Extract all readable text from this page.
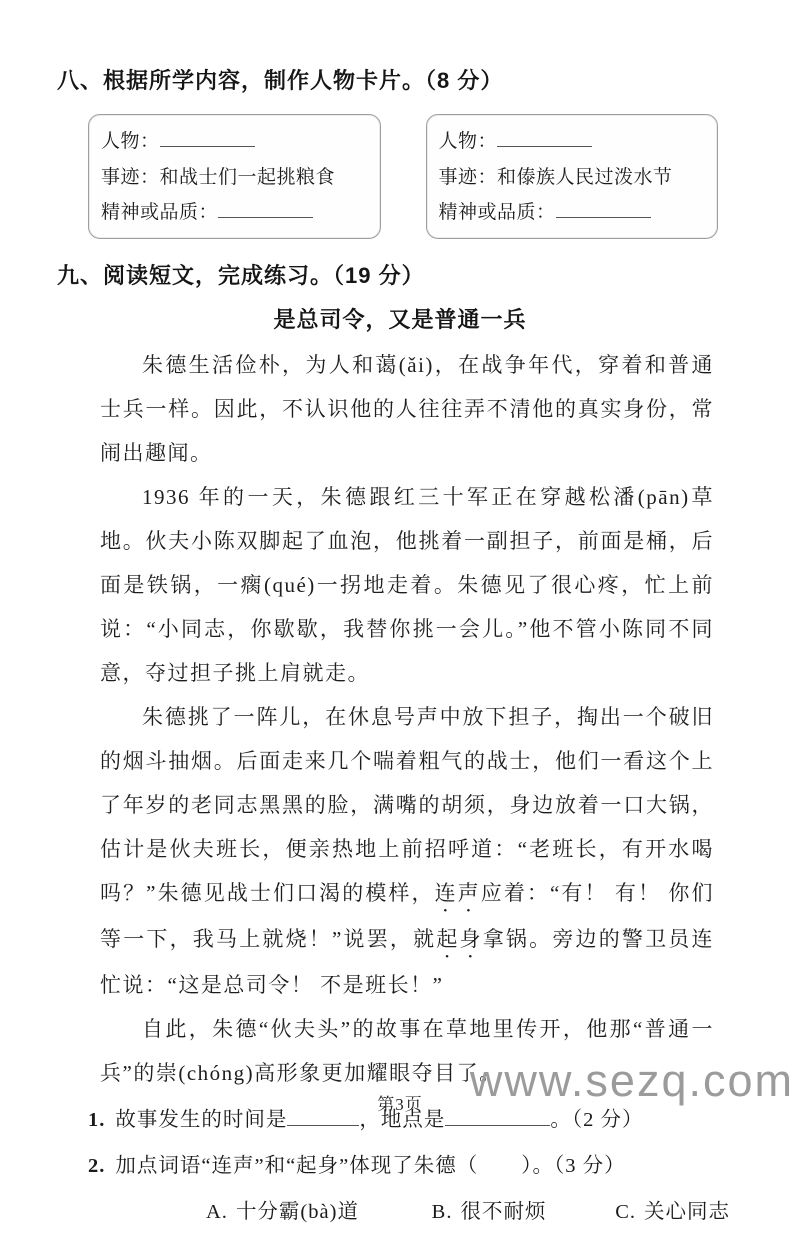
八、根据所学内容，制作人物卡片。（8 分）
人物：
事迹：和战士们一起挑粮食
精神或品质：
人物：
事迹：和傣族人民过泼水节
精神或品质：
九、阅读短文，完成练习。（19 分）
是总司令，又是普通一兵

朱德生活俭朴，为人和蔼(ǎi)，在战争年代，穿着和普通士兵一样。因此，不认识他的人往往弄不清他的真实身份，常闹出趣闻。

1936 年的一天，朱德跟红三十军正在穿越松潘(pān)草地。伙夫小陈双脚起了血泡，他挑着一副担子，前面是桶，后面是铁锅，一瘸(qué)一拐地走着。朱德见了很心疼，忙上前说：“小同志，你歇歇，我替你挑一会儿。”他不管小陈同不同意，夺过担子挑上肩就走。

朱德挑了一阵儿，在休息号声中放下担子，掏出一个破旧的烟斗抽烟。后面走来几个喘着粗气的战士，他们一看这个上了年岁的老同志黑黑的脸，满嘴的胡须，身边放着一口大锅，估计是伙夫班长，便亲热地上前招呼道：“老班长，有开水喝吗？”朱德见战士们口渴的模样，连声应着：“有！ 有！ 你们等一下，我马上就烧！”说罢，就起身拿锅。旁边的警卫员连忙说：“这是总司令！ 不是班长！”

自此，朱德“伙夫头”的故事在草地里传开，他那“普通一兵”的崇(chóng)高形象更加耀眼夺目了。

1. 故事发生的时间是	，地点是	。（2 分）
2. 加点词语“连声”和“起身”体现了朱德（　　）。（3 分）
A. 十分霸(bà)道	B. 很不耐烦	C. 关心同志
www.sezq.com
第3页
